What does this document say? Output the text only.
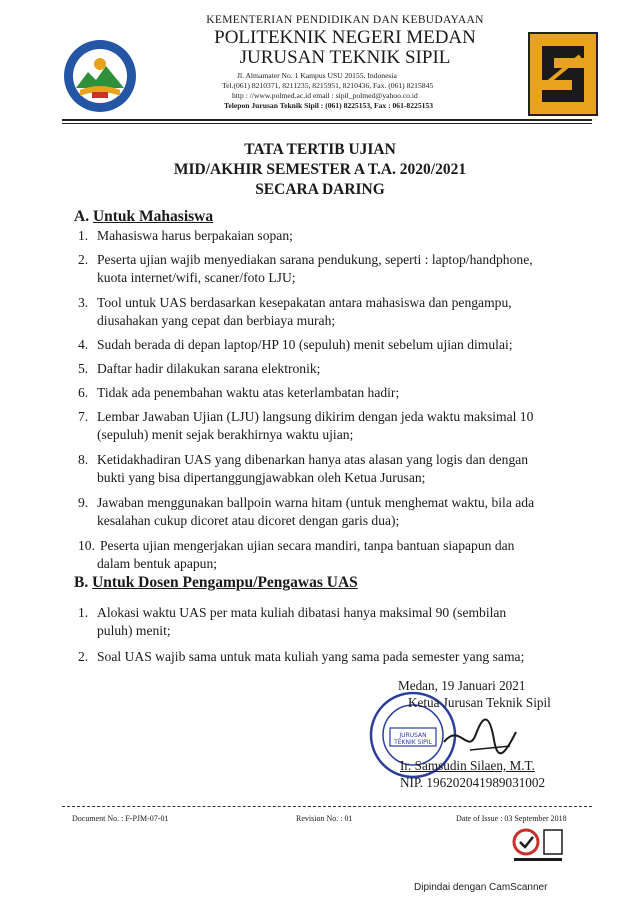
KEMENTERIAN PENDIDIKAN DAN KEBUDAYAAN
POLITEKNIK NEGERI MEDAN
JURUSAN TEKNIK SIPIL
Jl. Almamater No. 1 Kampus USU 20155, Indonesia
Tel.(061) 8210371, 8211235, 8215951, 8210436, Fax. (061) 8215845
http : //www.polmed.ac.id email : sipil_polmed@yahoo.co.id
Telepon Jurusan Teknik Sipil : (061) 8225153, Fax : 061-8225153
TATA TERTIB UJIAN
MID/AKHIR SEMESTER A T.A. 2020/2021
SECARA DARING
A. Untuk Mahasiswa
1. Mahasiswa harus berpakaian sopan;
2. Peserta ujian wajib menyediakan sarana pendukung, seperti : laptop/handphone,
kuota internet/wifi, scaner/foto LJU;
3. Tool untuk UAS berdasarkan kesepakatan antara mahasiswa dan pengampu,
diusahakan yang cepat dan berbiaya murah;
4. Sudah berada di depan laptop/HP 10 (sepuluh) menit sebelum ujian dimulai;
5. Daftar hadir dilakukan sarana elektronik;
6. Tidak ada penembahan waktu atas keterlambatan hadir;
7. Lembar Jawaban Ujian (LJU) langsung dikirim dengan jeda waktu maksimal 10
(sepuluh) menit sejak berakhirnya waktu ujian;
8. Ketidakhadiran UAS yang dibenarkan hanya atas alasan yang logis dan dengan
bukti yang bisa dipertanggungjawabkan oleh Ketua Jurusan;
9. Jawaban menggunakan ballpoin warna hitam (untuk menghemat waktu, bila ada
kesalahan cukup dicoret atau dicoret dengan garis dua);
10. Peserta ujian mengerjakan ujian secara mandiri, tanpa bantuan siapapun dan
dalam bentuk apapun;
B. Untuk Dosen Pengampu/Pengawas UAS
1. Alokasi waktu UAS per mata kuliah dibatasi hanya maksimal 90 (sembilan
puluh) menit;
2. Soal UAS wajib sama untuk mata kuliah yang sama pada semester yang sama;
JURUSAN
TEKNIK SIPIL
Medan, 19 Januari 2021
Ketua Jurusan Teknik Sipil
Ir. Samsudin Silaen, M.T.
NIP. 196202041989031002
Document No. : F-PJM-07-01	Revision No. : 01	Date of Issue : 03 September 2018
Dipindai dengan CamScanner
